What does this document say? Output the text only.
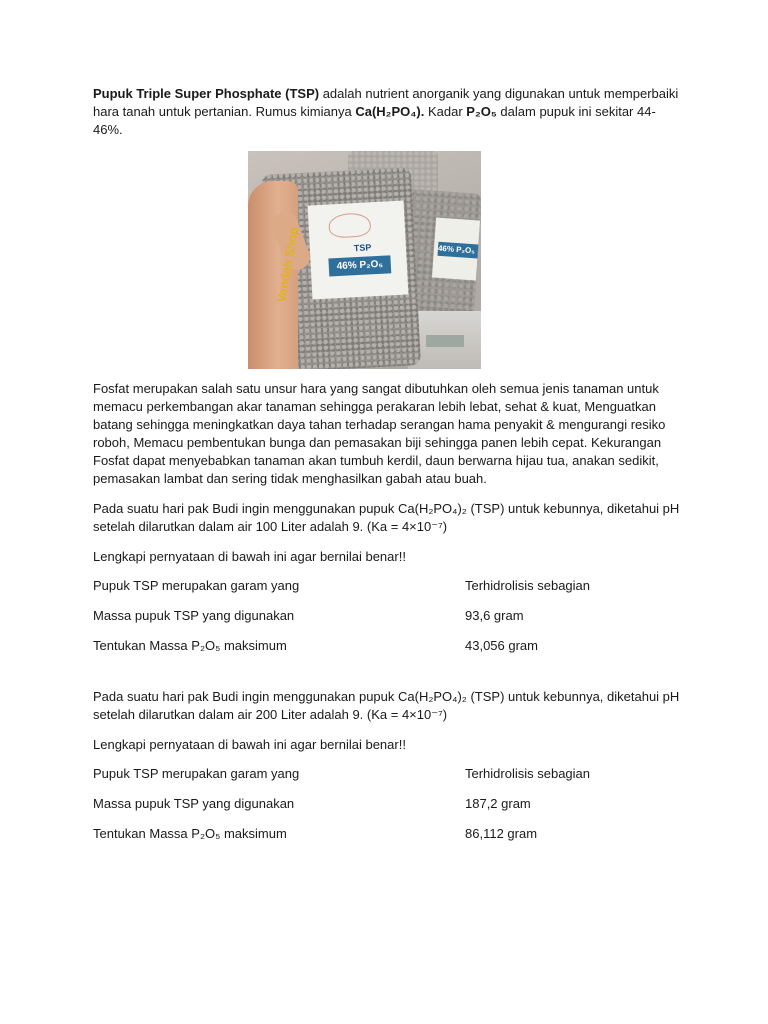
Pupuk Triple Super Phosphate (TSP) adalah nutrient anorganik yang digunakan untuk memperbaiki hara tanah untuk pertanian. Rumus kimianya Ca(H₂PO₄). Kadar P₂O₅ dalam pupuk ini sekitar 44-46%.

46% P₂O₅
TSP
46% P₂O₅
Vandah Shop

Fosfat merupakan salah satu unsur hara yang sangat dibutuhkan oleh semua jenis tanaman untuk memacu perkembangan akar tanaman sehingga perakaran lebih lebat, sehat & kuat, Menguatkan batang sehingga meningkatkan daya tahan terhadap serangan hama penyakit & mengurangi resiko roboh, Memacu pembentukan bunga dan pemasakan biji sehingga panen lebih cepat. Kekurangan Fosfat dapat menyebabkan tanaman akan tumbuh kerdil, daun berwarna hijau tua, anakan sedikit, pemasakan lambat dan sering tidak menghasilkan gabah atau buah.

Pada suatu hari pak Budi ingin menggunakan pupuk Ca(H₂PO₄)₂ (TSP) untuk kebunnya, diketahui pH setelah dilarutkan dalam air 100 Liter adalah 9. (Ka = 4×10⁻⁷)

Lengkapi pernyataan di bawah ini agar bernilai benar!!

Pupuk TSP merupakan garam yang	Terhidrolisis sebagian
Massa pupuk TSP yang digunakan	93,6 gram
Tentukan Massa P₂O₅ maksimum	43,056 gram

Pada suatu hari pak Budi ingin menggunakan pupuk Ca(H₂PO₄)₂ (TSP) untuk kebunnya, diketahui pH setelah dilarutkan dalam air 200 Liter adalah 9. (Ka = 4×10⁻⁷)

Lengkapi pernyataan di bawah ini agar bernilai benar!!

Pupuk TSP merupakan garam yang	Terhidrolisis sebagian
Massa pupuk TSP yang digunakan	187,2 gram
Tentukan Massa P₂O₅ maksimum	86,112 gram
